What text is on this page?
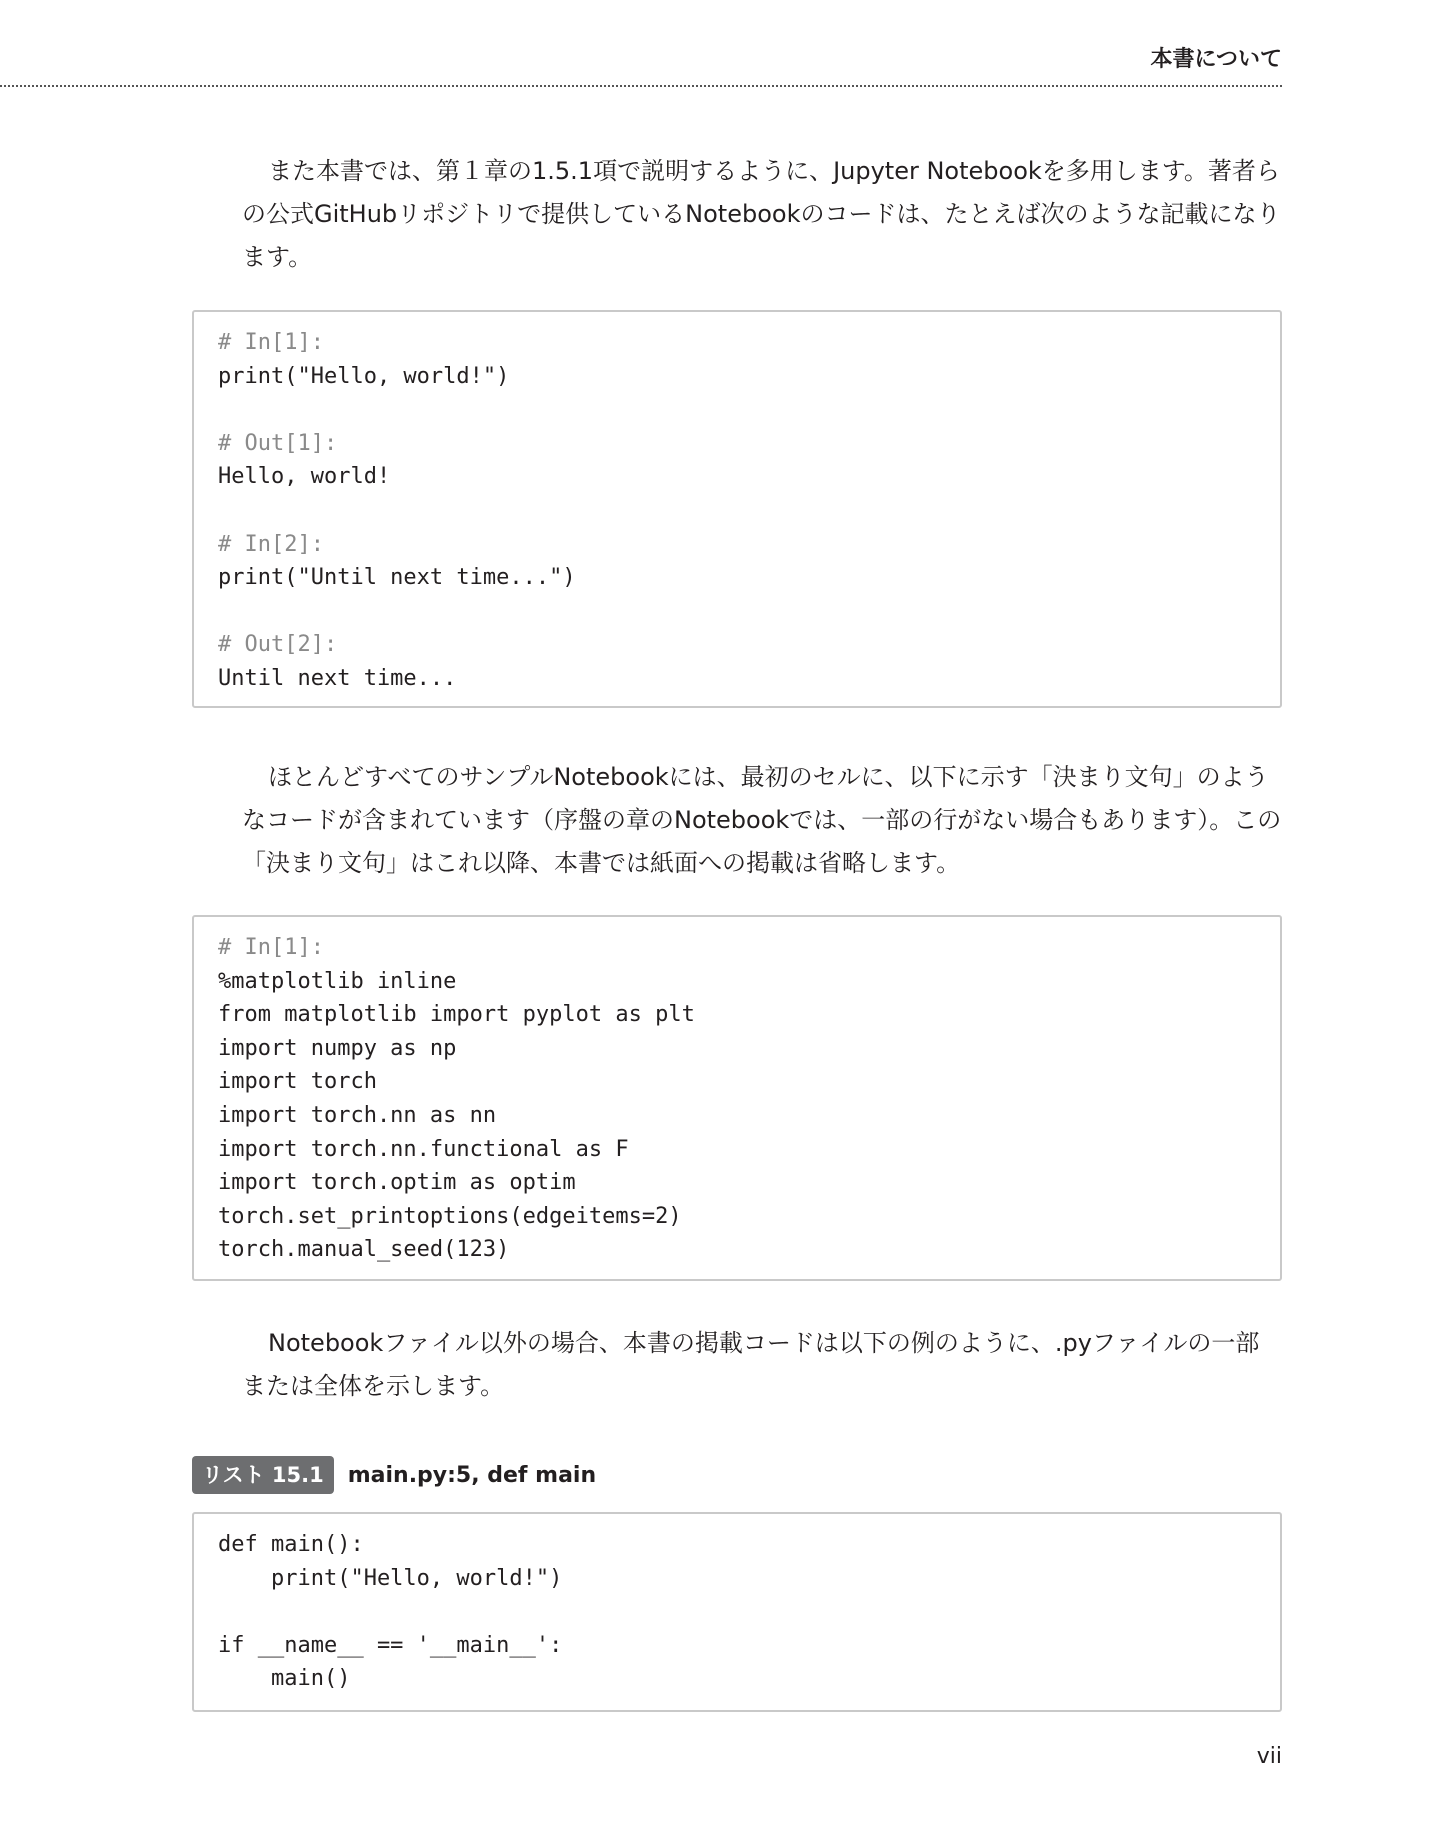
本書について

また本書では、第１章の1.5.1項で説明するように、Jupyter Notebookを多用します。著者らの公式GitHubリポジトリで提供しているNotebookのコードは、たとえば次のような記載になります。

# In[1]:
print("Hello, world!")
# Out[1]:
Hello, world!
# In[2]:
print("Until next time...")
# Out[2]:
Until next time...

ほとんどすべてのサンプルNotebookには、最初のセルに、以下に示す「決まり文句」のようなコードが含まれています（序盤の章のNotebookでは、一部の行がない場合もあります）。この「決まり文句」はこれ以降、本書では紙面への掲載は省略します。

# In[1]:
%matplotlib inline
from matplotlib import pyplot as plt
import numpy as np
import torch
import torch.nn as nn
import torch.nn.functional as F
import torch.optim as optim
torch.set_printoptions(edgeitems=2)
torch.manual_seed(123)

Notebookファイル以外の場合、本書の掲載コードは以下の例のように、.pyファイルの一部または全体を示します。

リスト 15.1	main.py:5, def main
def main():
print("Hello, world!")
if __name__ == '__main__':
main()

vii
